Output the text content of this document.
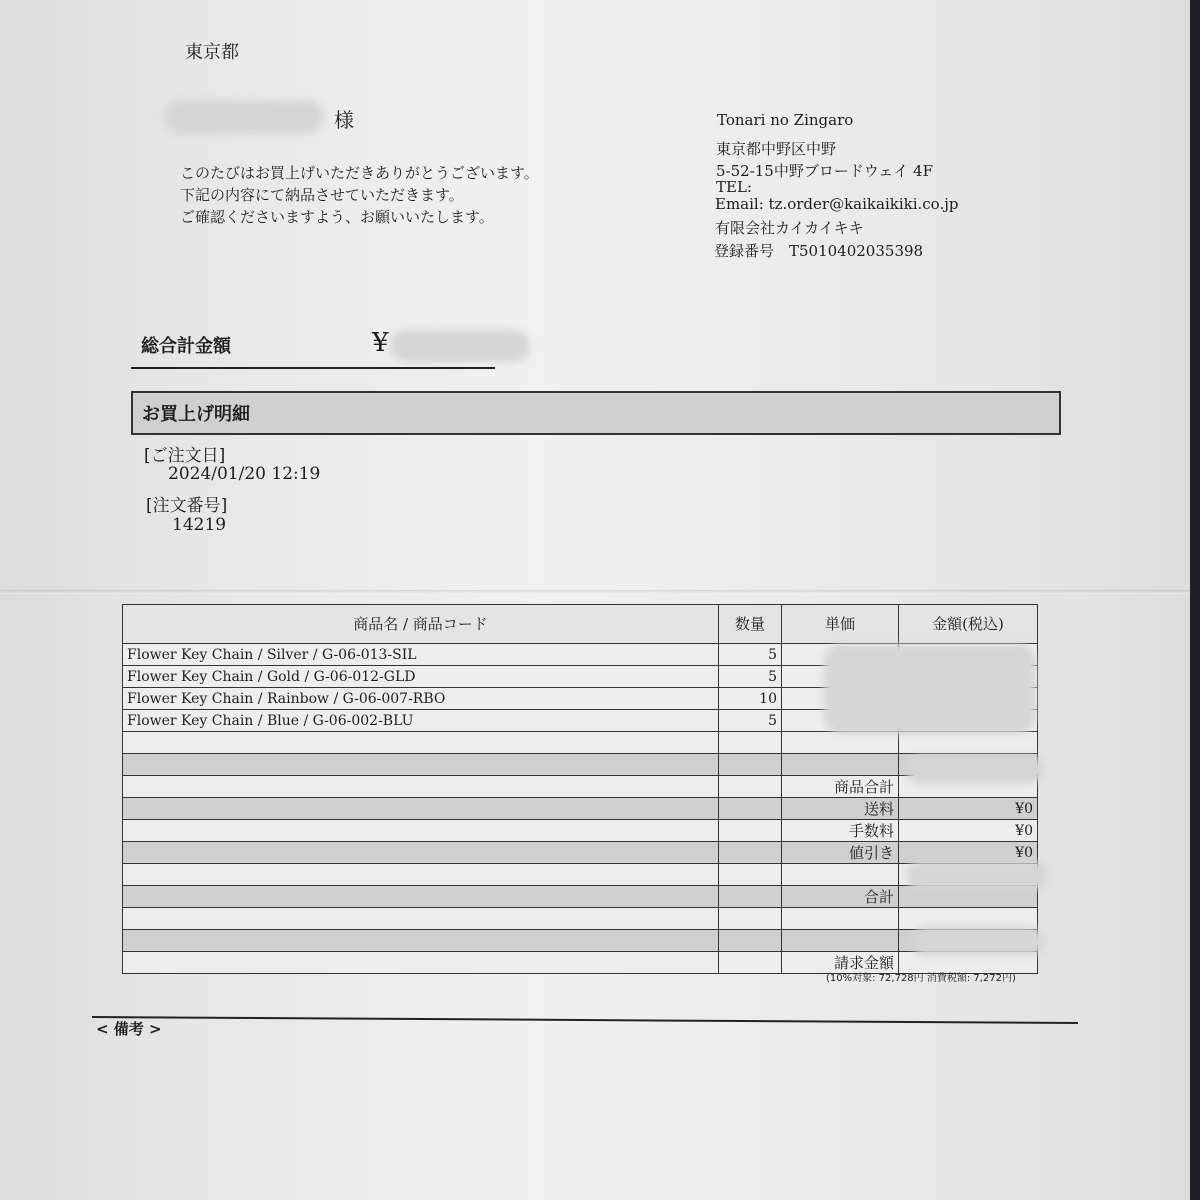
東京都
様
このたびはお買上げいただきありがとうございます。
下記の内容にて納品させていただきます。
ご確認くださいますよう、お願いいたします。
Tonari no Zingaro
東京都中野区中野
5-52-15中野ブロードウェイ 4F
TEL:
Email: tz.order@kaikaikiki.co.jp
有限会社カイカイキキ
登録番号　T5010402035398
総合計金額	¥
お買上げ明細
[ご注文日]
2024/01/20 12:19
[注文番号]
14219
商品名 / 商品コード	数量	単価	金額(税込)
Flower Key Chain / Silver / G-06-013-SIL	5		
Flower Key Chain / Gold / G-06-012-GLD	5		
Flower Key Chain / Rainbow / G-06-007-RBO	10		
Flower Key Chain / Blue / G-06-002-BLU	5		

		商品合計	
		送料	¥0
		手数料	¥0
		値引き	¥0

		合計	

		請求金額	
(10%対象: 72,728円 消費税額: 7,272円)
< 備考 >
